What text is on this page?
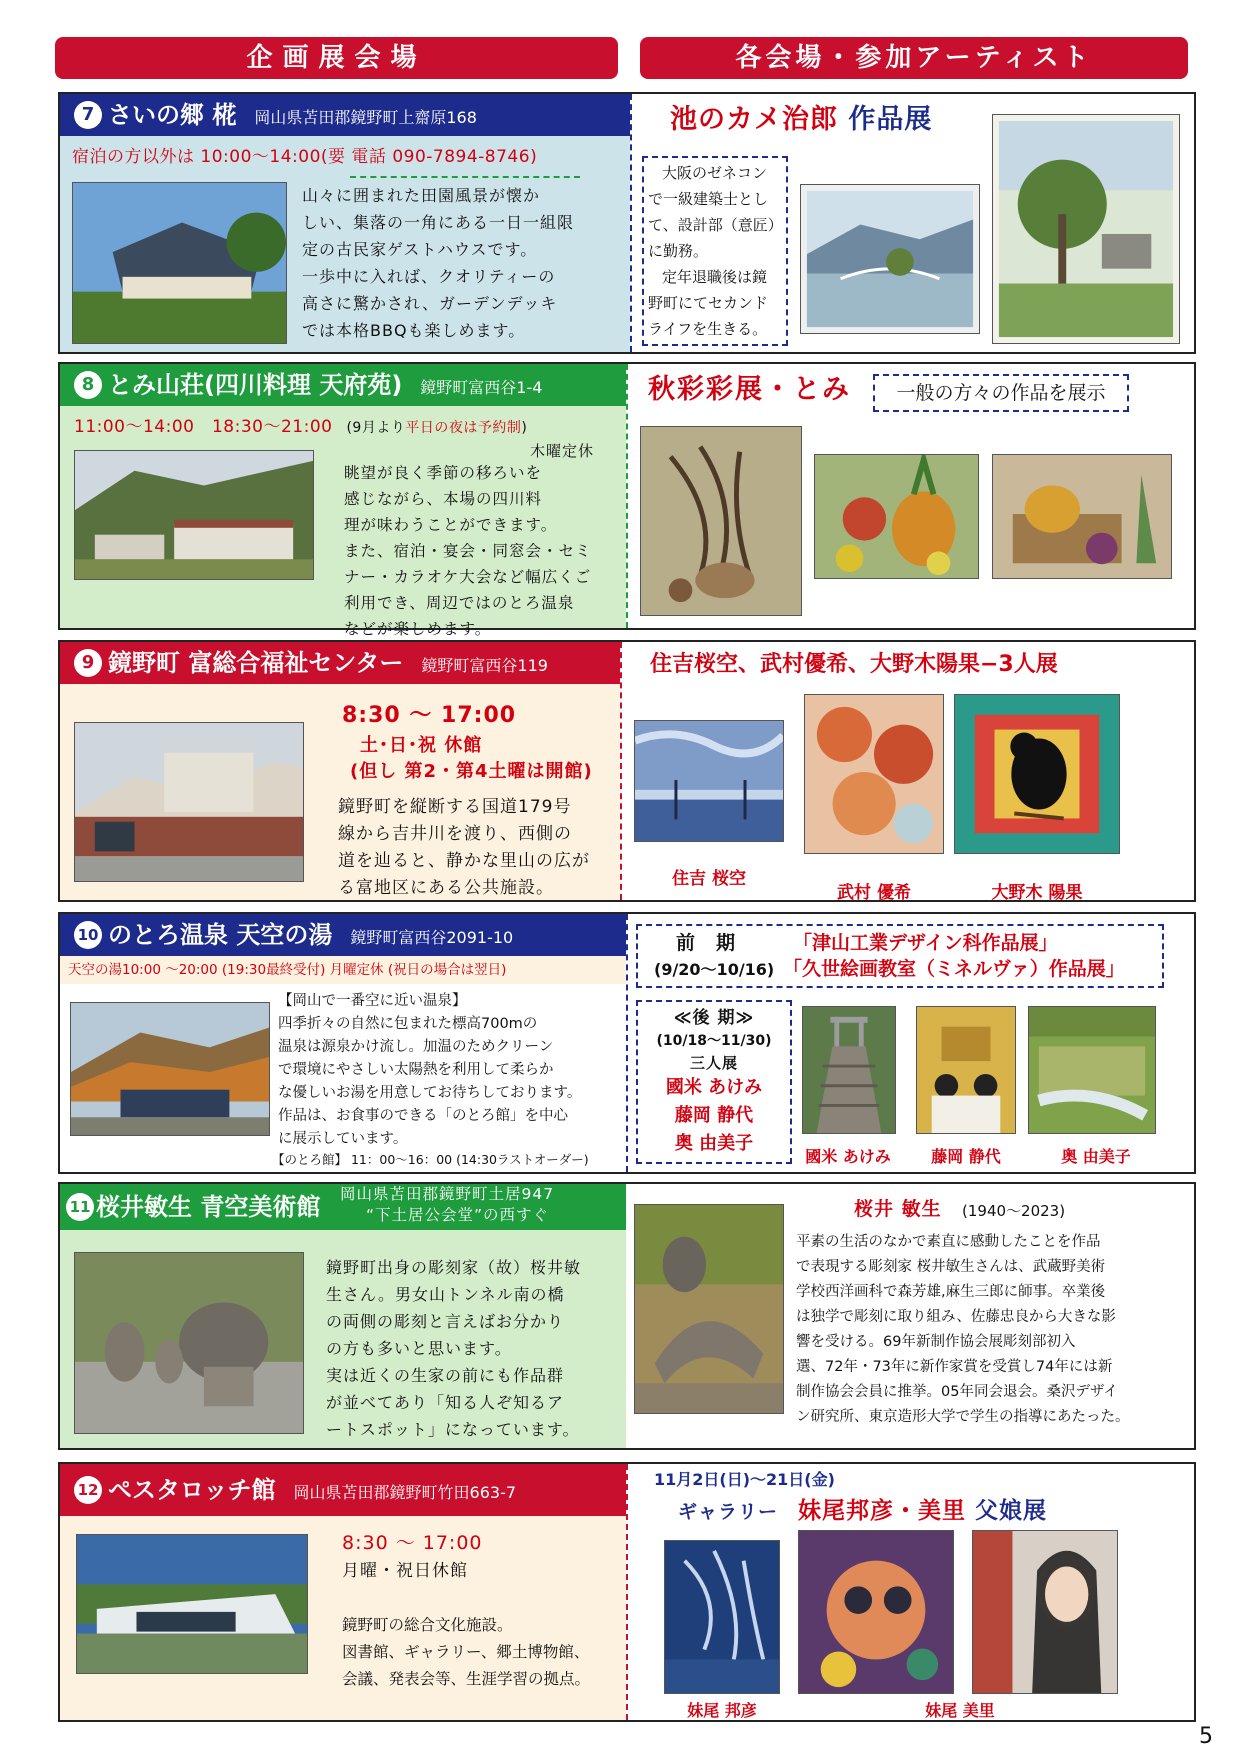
企画展会場	各会場・参加アーティスト
7 さいの郷 椛 岡山県苫田郡鏡野町上齋原168
宿泊の方以外は 10:00～14:00(要 電話 090-7894-8746)
山々に囲まれた田園風景が懐か
しい、集落の一角にある一日一組限
定の古民家ゲストハウスです。
一歩中に入れば、クオリティーの
高さに驚かされ、ガーデンデッキ
では本格BBQも楽しめます。
池のカメ治郎 作品展
大阪のゼネコン
で一級建築士とし
て、設計部（意匠）
に勤務。
定年退職後は鏡
野町にてセカンド
ライフを生きる。
8 とみ山荘(四川料理 天府苑) 鏡野町富西谷1-4
11:00～14:00　18:30～21:00 (9月より平日の夜は予約制)
木曜定休
眺望が良く季節の移ろいを
感じながら、本場の四川料
理が味わうことができます。
また、宿泊・宴会・同窓会・セミ
ナー・カラオケ大会など幅広くご
利用でき、周辺ではのとろ温泉
などが楽しめます。
秋彩彩展・とみ	一般の方々の作品を展示
9 鏡野町 富総合福祉センター 鏡野町富西谷119
8:30 ～ 17:00
土･日･祝 休館
(但し 第2・第4土曜は開館)
鏡野町を縦断する国道179号
線から吉井川を渡り、西側の
道を辿ると、静かな里山の広が
る富地区にある公共施設。
住吉桜空、武村優希、大野木陽果−3人展
住吉 桜空
武村 優希	大野木 陽果
10 のとろ温泉 天空の湯 鏡野町富西谷2091-10
天空の湯10:00 ～20:00 (19:30最終受付) 月曜定休 (祝日の場合は翌日)
【岡山で一番空に近い温泉】
四季折々の自然に包まれた標高700mの
温泉は源泉かけ流し。加温のためクリーン
で環境にやさしい太陽熱を利用して柔らか
な優しいお湯を用意してお待ちしております。
作品は、お食事のできる「のとろ館」を中心
に展示しています。
【のとろ館】 11：00～16：00 (14:30ラストオーダー)
前　期
(9/20～10/16)
「津山工業デザイン科作品展」
「久世絵画教室（ミネルヴァ）作品展」
≪後 期≫
(10/18～11/30)
三人展
國米 あけみ
藤岡 静代
奥 由美子
國米 あけみ	藤岡 静代	奥 由美子
11 桜井敏生 青空美術館	岡山県苫田郡鏡野町土居947
“下土居公会堂”の西すぐ
鏡野町出身の彫刻家（故）桜井敏
生さん。男女山トンネル南の橋
の両側の彫刻と言えばお分かり
の方も多いと思います。
実は近くの生家の前にも作品群
が並べてあり「知る人ぞ知るア
ートスポット」になっています。
桜井 敏生 (1940～2023)
平素の生活のなかで素直に感動したことを作品
で表現する彫刻家 桜井敏生さんは、武蔵野美術
学校西洋画科で森芳雄,麻生三郎に師事。卒業後
は独学で彫刻に取り組み、佐藤忠良から大きな影
響を受ける。69年新制作協会展彫刻部初入
選、72年・73年に新作家賞を受賞し74年には新
制作協会会員に推挙。05年同会退会。桑沢デザイ
ン研究所、東京造形大学で学生の指導にあたった。
12 ペスタロッチ館 岡山県苫田郡鏡野町竹田663-7
8:30 ～ 17:00
月曜・祝日休館
鏡野町の総合文化施設。
図書館、ギャラリー、郷土博物館、
会議、発表会等、生涯学習の拠点。
11月2日(日)～21日(金)
ギャラリー 妹尾邦彦・美里 父娘展
妹尾 邦彦	妹尾 美里
5
